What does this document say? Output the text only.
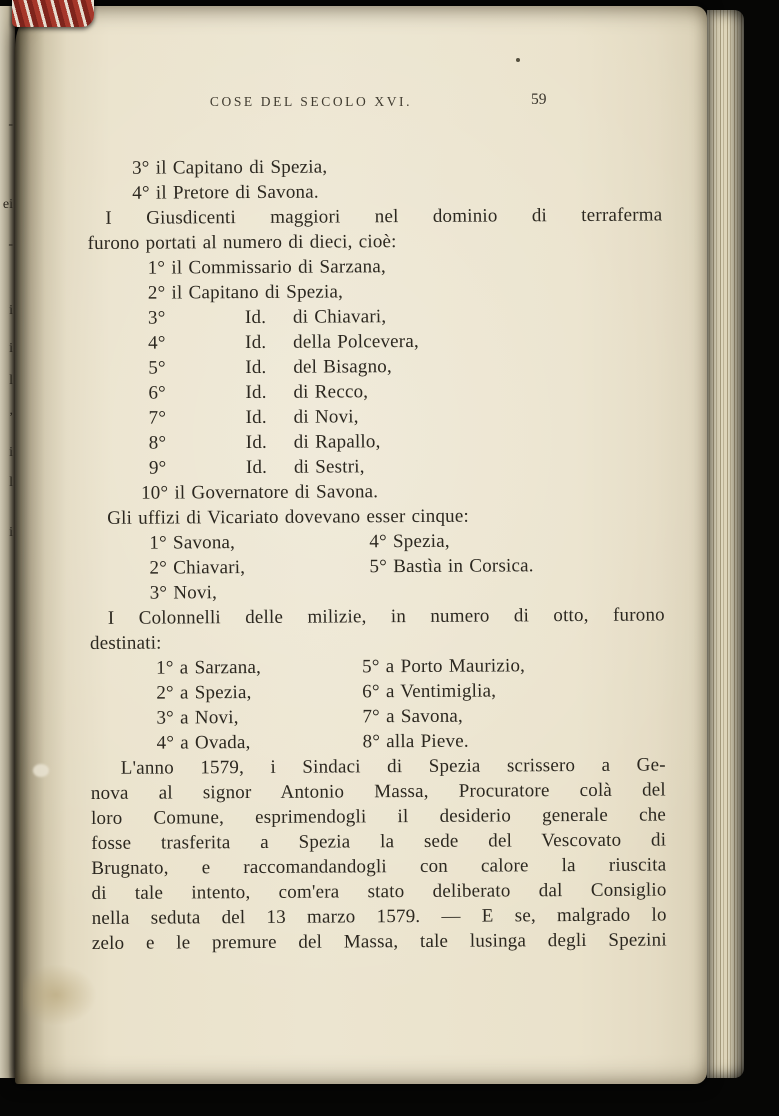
-
ei
-
i
i
l
,
i
l
i
COSE DEL SECOLO XVI.	59
3° il Capitano di Spezia,
4° il Pretore di Savona.
I Giusdicenti maggiori nel dominio di terraferma
furono portati al numero di dieci, cioè:
1° il Commissario di Sarzana,
2° il Capitano di Spezia,
3°	Id. di Chiavari,
4°	Id. della Polcevera,
5°	Id. del Bisagno,
6°	Id. di Recco,
7°	Id. di Novi,
8°	Id. di Rapallo,
9°	Id. di Sestri,
10° il Governatore di Savona.
Gli uffizi di Vicariato dovevano esser cinque:
1° Savona,	4° Spezia,
2° Chiavari,	5° Bastìa in Corsica.
3° Novi,
I Colonnelli delle milizie, in numero di otto, furono
destinati:
1° a Sarzana,	5° a Porto Maurizio,
2° a Spezia,	6° a Ventimiglia,
3° a Novi,	7° a Savona,
4° a Ovada,	8° alla Pieve.
L'anno 1579, i Sindaci di Spezia scrissero a Ge-
nova al signor Antonio Massa, Procuratore colà del
loro Comune, esprimendogli il desiderio generale che
fosse trasferita a Spezia la sede del Vescovato di
Brugnato, e raccomandandogli con calore la riuscita
di tale intento, com'era stato deliberato dal Consiglio
nella seduta del 13 marzo 1579. — E se, malgrado lo
zelo e le premure del Massa, tale lusinga degli Spezini
